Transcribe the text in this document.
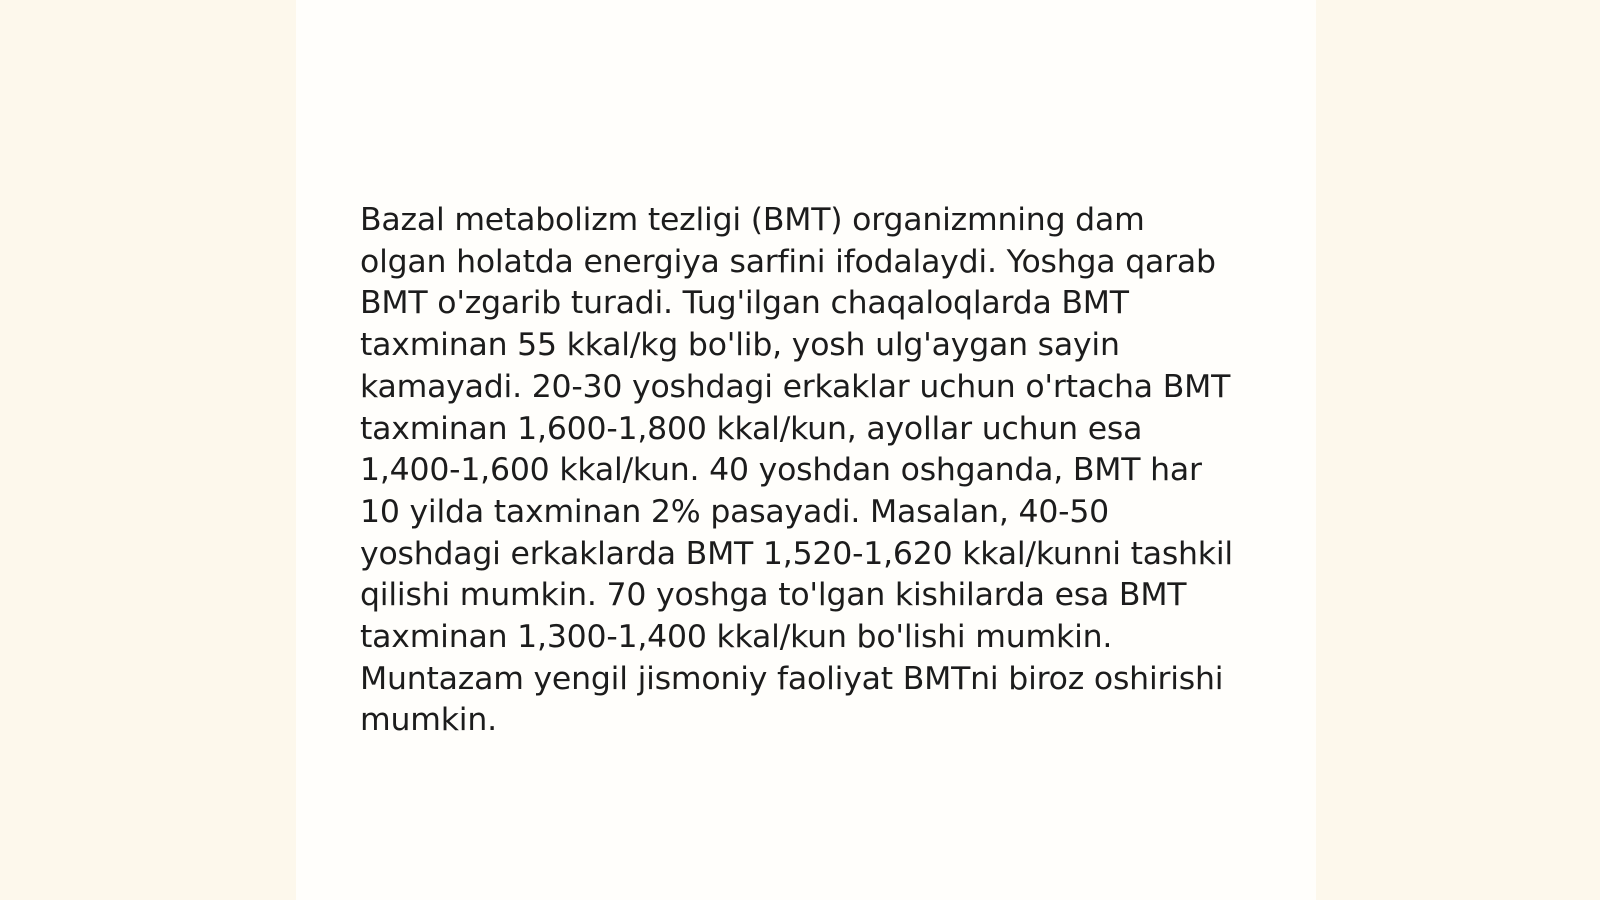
Bazal metabolizm tezligi (BMT) organizmning dam olgan holatda energiya sarfini ifodalaydi. Yoshga qarab BMT o'zgarib turadi. Tug'ilgan chaqaloqlarda BMT taxminan 55 kkal/kg bo'lib, yosh ulg'aygan sayin kamayadi. 20-30 yoshdagi erkaklar uchun o'rtacha BMT taxminan 1,600-1,800 kkal/kun, ayollar uchun esa 1,400-1,600 kkal/kun. 40 yoshdan oshganda, BMT har 10 yilda taxminan 2% pasayadi. Masalan, 40-50 yoshdagi erkaklarda BMT 1,520-1,620 kkal/kunni tashkil qilishi mumkin. 70 yoshga to'lgan kishilarda esa BMT taxminan 1,300-1,400 kkal/kun bo'lishi mumkin. Muntazam yengil jismoniy faoliyat BMTni biroz oshirishi mumkin.
